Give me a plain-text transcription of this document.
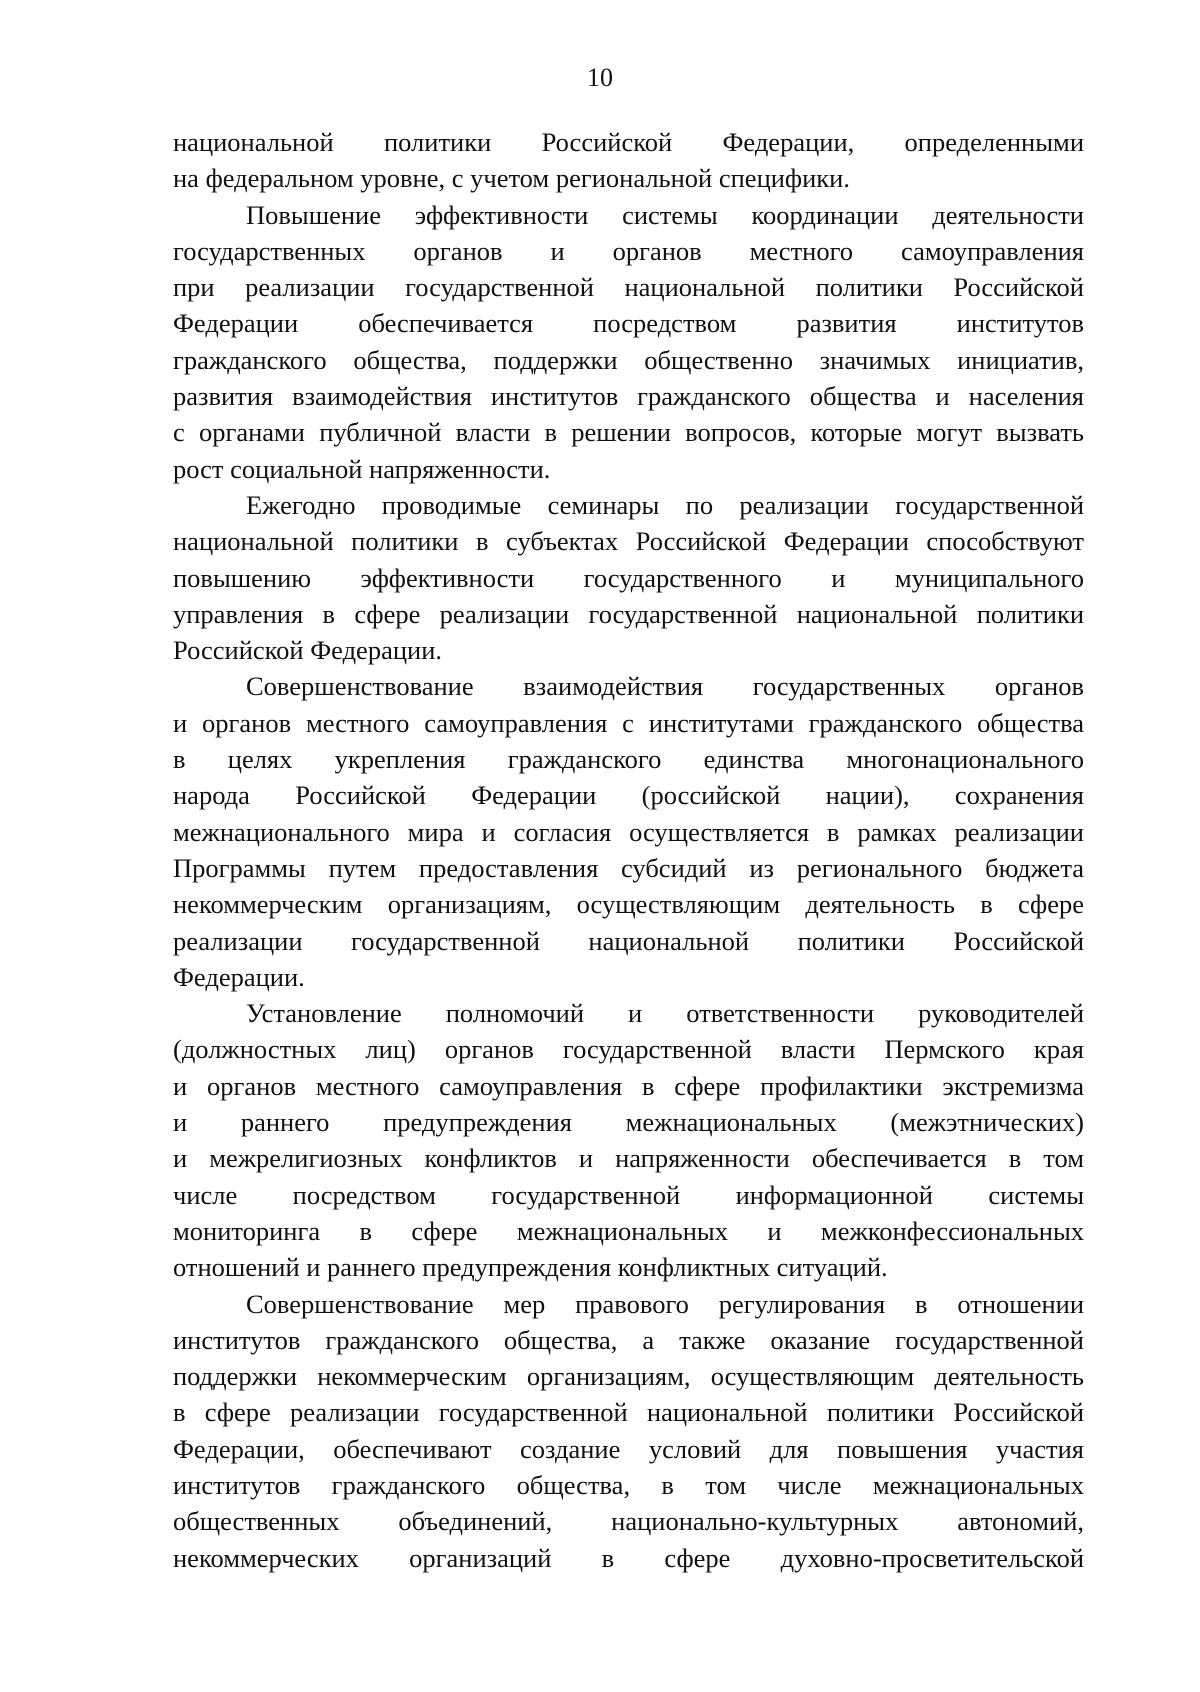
10
национальной политики Российской Федерации, определенными
на федеральном уровне, с учетом региональной специфики.
Повышение эффективности системы координации деятельности
государственных органов и органов местного самоуправления
при реализации государственной национальной политики Российской
Федерации обеспечивается посредством развития институтов
гражданского общества, поддержки общественно значимых инициатив,
развития взаимодействия институтов гражданского общества и населения
с органами публичной власти в решении вопросов, которые могут вызвать
рост социальной напряженности.
Ежегодно проводимые семинары по реализации государственной
национальной политики в субъектах Российской Федерации способствуют
повышению эффективности государственного и муниципального
управления в сфере реализации государственной национальной политики
Российской Федерации.
Совершенствование взаимодействия государственных органов
и органов местного самоуправления с институтами гражданского общества
в целях укрепления гражданского единства многонационального
народа Российской Федерации (российской нации), сохранения
межнационального мира и согласия осуществляется в рамках реализации
Программы путем предоставления субсидий из регионального бюджета
некоммерческим организациям, осуществляющим деятельность в сфере
реализации государственной национальной политики Российской
Федерации.
Установление полномочий и ответственности руководителей
(должностных лиц) органов государственной власти Пермского края
и органов местного самоуправления в сфере профилактики экстремизма
и раннего предупреждения межнациональных (межэтнических)
и межрелигиозных конфликтов и напряженности обеспечивается в том
числе посредством государственной информационной системы
мониторинга в сфере межнациональных и межконфессиональных
отношений и раннего предупреждения конфликтных ситуаций.
Совершенствование мер правового регулирования в отношении
институтов гражданского общества, а также оказание государственной
поддержки некоммерческим организациям, осуществляющим деятельность
в сфере реализации государственной национальной политики Российской
Федерации, обеспечивают создание условий для повышения участия
институтов гражданского общества, в том числе межнациональных
общественных объединений, национально-культурных автономий,
некоммерческих организаций в сфере духовно-просветительской
